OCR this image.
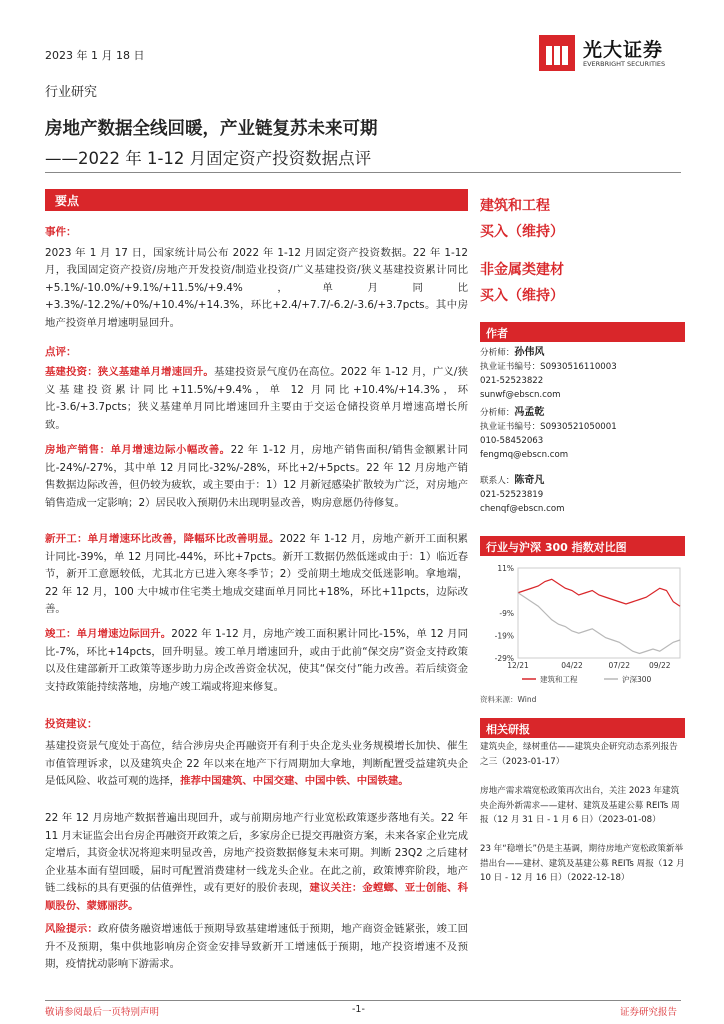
2023 年 1 月 18 日	光大证券
EVERBRIGHT SECURITIES
行业研究
房地产数据全线回暖，产业链复苏未来可期
——2022 年 1-12 月固定资产投资数据点评
要点

事件：

2023 年 1 月 17 日，国家统计局公布 2022 年 1-12 月固定资产投资数据。22 年 1-12 月，我国固定资产投资/房地产开发投资/制造业投资/广义基建投资/狭义基建投资累计同比+5.1%/-10.0%/+9.1%/+11.5%/+9.4%，单月同比+3.3%/-12.2%/+0%/+10.4%/+14.3%，环比+2.4/+7.7/-6.2/-3.6/+3.7pcts。其中房地产投资单月增速明显回升。

点评：

基建投资：狭义基建单月增速回升。基建投资景气度仍在高位。2022 年 1-12 月，广义/狭义基建投资累计同比+11.5%/+9.4%，单 12 月同比+10.4%/+14.3%，环比-3.6/+3.7pcts；狭义基建单月同比增速回升主要由于交运仓储投资单月增速高增长所致。

房地产销售：单月增速边际小幅改善。22 年 1-12 月，房地产销售面积/销售金额累计同比-24%/-27%，其中单 12 月同比-32%/-28%，环比+2/+5pcts。22 年 12 月房地产销售数据边际改善，但仍较为疲软，或主要由于：1）12 月新冠感染扩散较为广泛，对房地产销售造成一定影响；2）居民收入预期仍未出现明显改善，购房意愿仍待修复。

新开工：单月增速环比改善，降幅环比改善明显。2022 年 1-12 月，房地产新开工面积累计同比-39%，单 12 月同比-44%，环比+7pcts。新开工数据仍然低迷或由于：1）临近春节，新开工意愿较低，尤其北方已进入寒冬季节；2）受前期土地成交低迷影响。拿地端，22 年 12 月，100 大中城市住宅类土地成交建面单月同比+18%，环比+11pcts，边际改善。

竣工：单月增速边际回升。2022 年 1-12 月，房地产竣工面积累计同比-15%，单 12 月同比-7%，环比+14pcts，回升明显。竣工单月增速回升，或由于此前“保交房”资金支持政策以及住建部新开工政策等逐步助力房企改善资金状况，使其“保交付”能力改善。若后续资金支持政策能持续落地，房地产竣工端或将迎来修复。

投资建议：

基建投资景气度处于高位，结合涉房央企再融资开有利于央企龙头业务规模增长加快、催生市值管理诉求，以及建筑央企 22 年以来在地产下行周期加大拿地，判断配置受益建筑央企是低风险、收益可观的选择，推荐中国建筑、中国交建、中国中铁、中国铁建。

22 年 12 月房地产数据普遍出现回升，或与前期房地产行业宽松政策逐步落地有关。22 年 11 月末证监会出台房企再融资开政策之后，多家房企已提交再融资方案，未来各家企业完成定增后，其资金状况将迎来明显改善，房地产投资数据修复未来可期。判断 23Q2 之后建材企业基本面有望回暖，届时可配置消费建材一线龙头企业。在此之前，政策博弈阶段，地产链二线标的具有更强的估值弹性，或有更好的股价表现，建议关注：金螳螂、亚士创能、科顺股份、蒙娜丽莎。

风险提示：政府债务融资增速低于预期导致基建增速低于预期，地产商资金链紧张，竣工回升不及预期，集中供地影响房企资金安排导致新开工增速低于预期，地产投资增速不及预期，疫情扰动影响下游需求。

建筑和工程
买入（维持）
非金属类建材
买入（维持）
作者
分析师：孙伟风
执业证书编号：S0930516110003
021-52523822
sunwf@ebscn.com
分析师：冯孟乾
执业证书编号：S0930521050001
010-58452063
fengmq@ebscn.com
联系人：陈奇凡
021-52523819
chenqf@ebscn.com
行业与沪深 300 指数对比图
11%
-9%
-19%
-29%
12/21	04/22	07/22	09/22
建筑和工程	沪深300
资料来源：Wind
相关研报
建筑央企，绿树重估——建筑央企研究动态系列报告之三（2023-01-17）
房地产需求端宽松政策再次出台，关注 2023 年建筑央企海外新需求——建材、建筑及基建公募 REITs 周报（12 月 31 日 - 1 月 6 日）（2023-01-08）
23 年“稳增长”仍是主基调，期待房地产宽松政策新举措出台——建材、建筑及基建公募 REITs 周报（12 月 10 日 - 12 月 16 日）（2022-12-18）
敬请参阅最后一页特别声明	-1-	证券研究报告
